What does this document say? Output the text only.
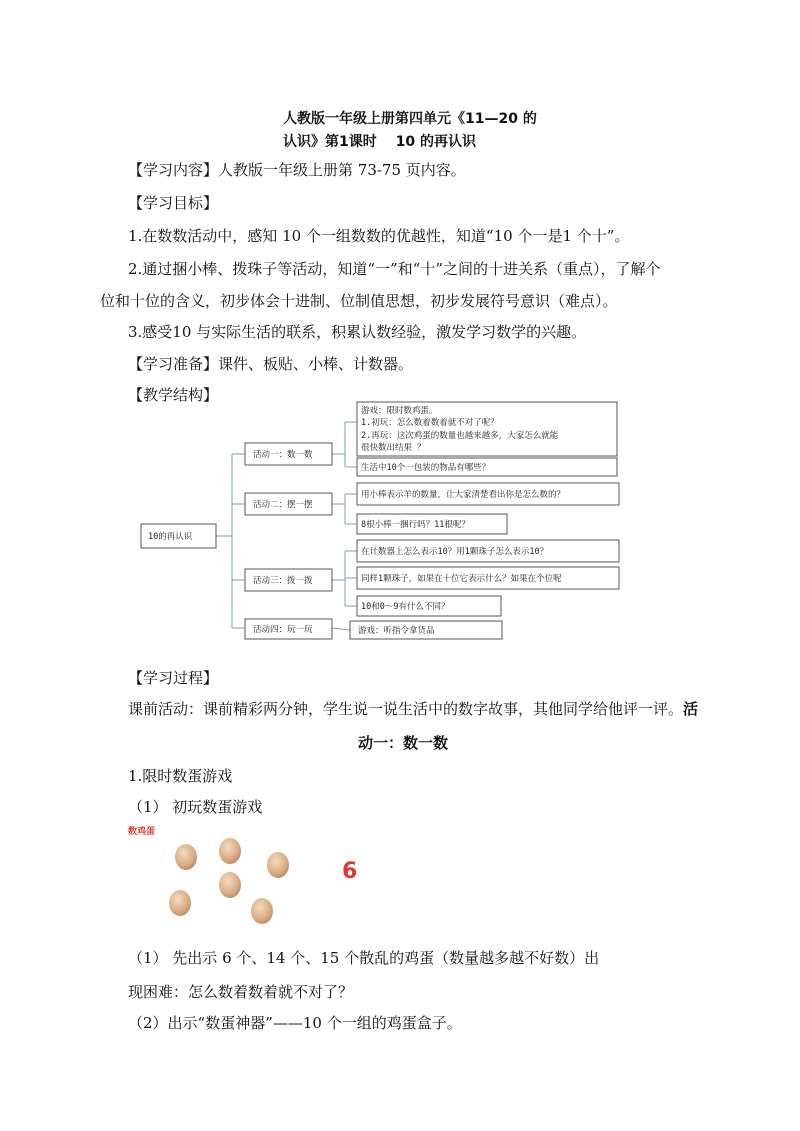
人教版一年级上册第四单元《11—20 的
认识》第1课时　 10 的再认识
【学习内容】人教版一年级上册第 73-75 页内容。
【学习目标】
1.在数数活动中，感知 10 个一组数数的优越性，知道“10 个一是1 个十”。
2.通过捆小棒、拨珠子等活动，知道“一”和“十”之间的十进关系（重点），了解个
位和十位的含义，初步体会十进制、位制值思想，初步发展符号意识（难点）。
3.感受10 与实际生活的联系，积累认数经验，激发学习数学的兴趣。
【学习准备】课件、板贴、小棒、计数器。
【教学结构】
10的再认识
活动一：数一数
活动二：摆一摆
活动三：拨一拨
活动四：玩一玩
游戏：限时数鸡蛋。
1.初玩：怎么数着数着就不对了呢？
2.再玩：这次鸡蛋的数量也越来越多，大家怎么就能
很快数出结果 ？
生活中10个一包装的物品有哪些？
用小棒表示羊的数量，让大家清楚看出你是怎么数的？
8根小棒一捆行吗？11根呢？
在计数器上怎么表示10？用1颗珠子怎么表示10？
同样1颗珠子，如果在十位它表示什么？如果在个位呢
10和0～9有什么不同？
游戏：听指令拿货品
【学习过程】
课前活动：课前精彩两分钟，学生说一说生活中的数字故事，其他同学给他评一评。活
动一：数一数
1.限时数蛋游戏
（1） 初玩数蛋游戏
数鸡蛋
6
（1） 先出示 6 个、14 个、15 个散乱的鸡蛋（数量越多越不好数）出
现困难：怎么数着数着就不对了？
（2）出示“数蛋神器”——10 个一组的鸡蛋盒子。
